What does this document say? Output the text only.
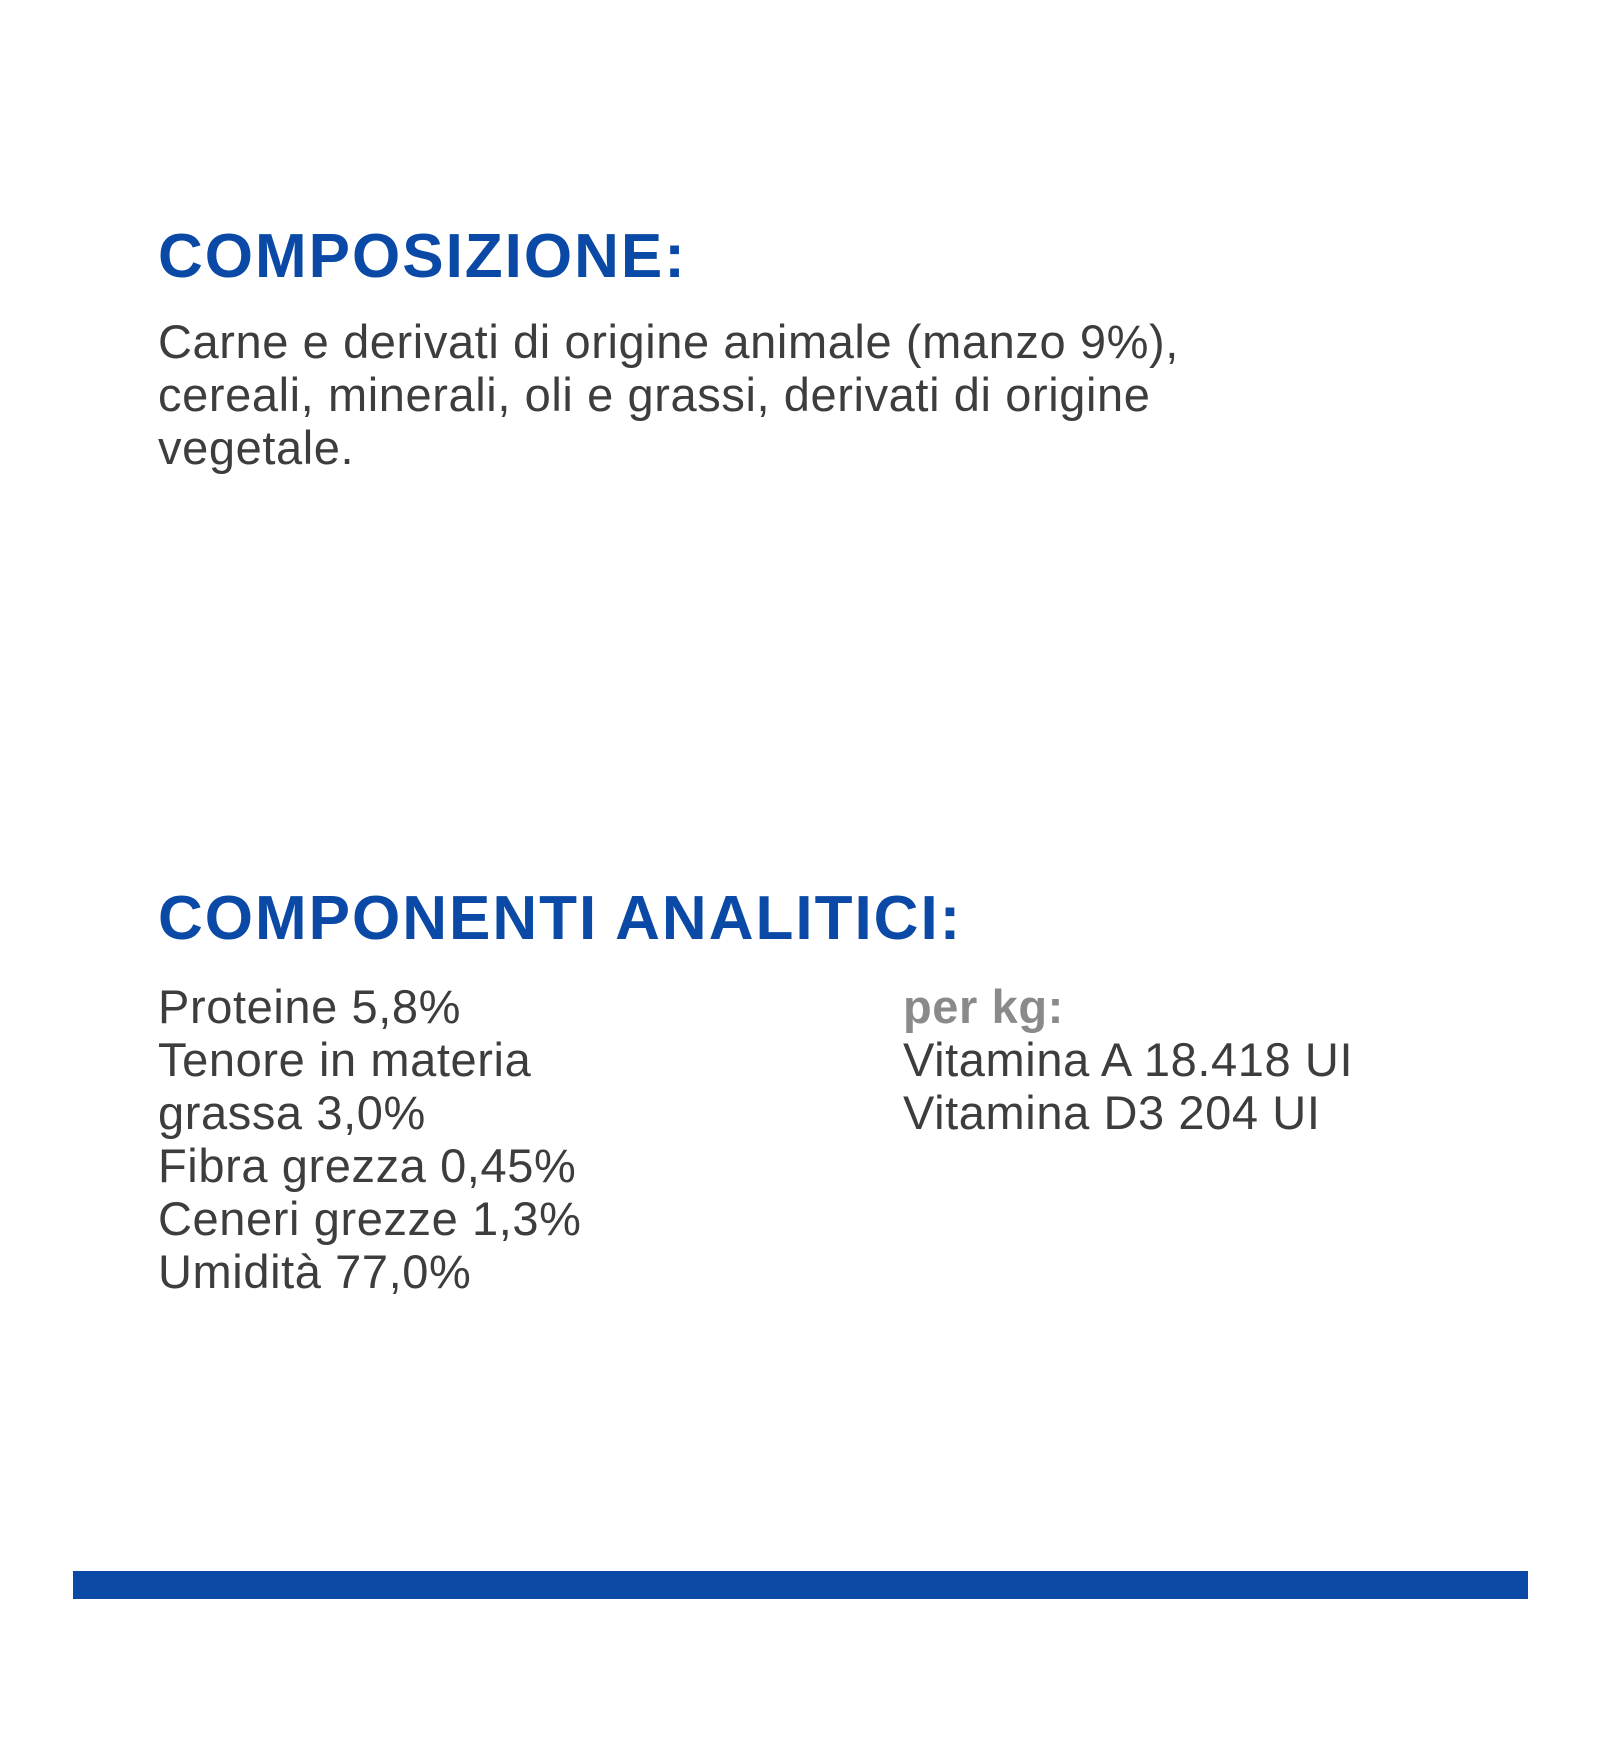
COMPOSIZIONE:

Carne e derivati di origine animale (manzo 9%),
cereali, minerali, oli e grassi, derivati di origine
vegetale.

COMPONENTI ANALITICI:
Proteine 5,8%
Tenore in materia
grassa 3,0%
Fibra grezza 0,45%
Ceneri grezze 1,3%
Umidità 77,0%
per kg:
Vitamina A 18.418 UI
Vitamina D3 204 UI
